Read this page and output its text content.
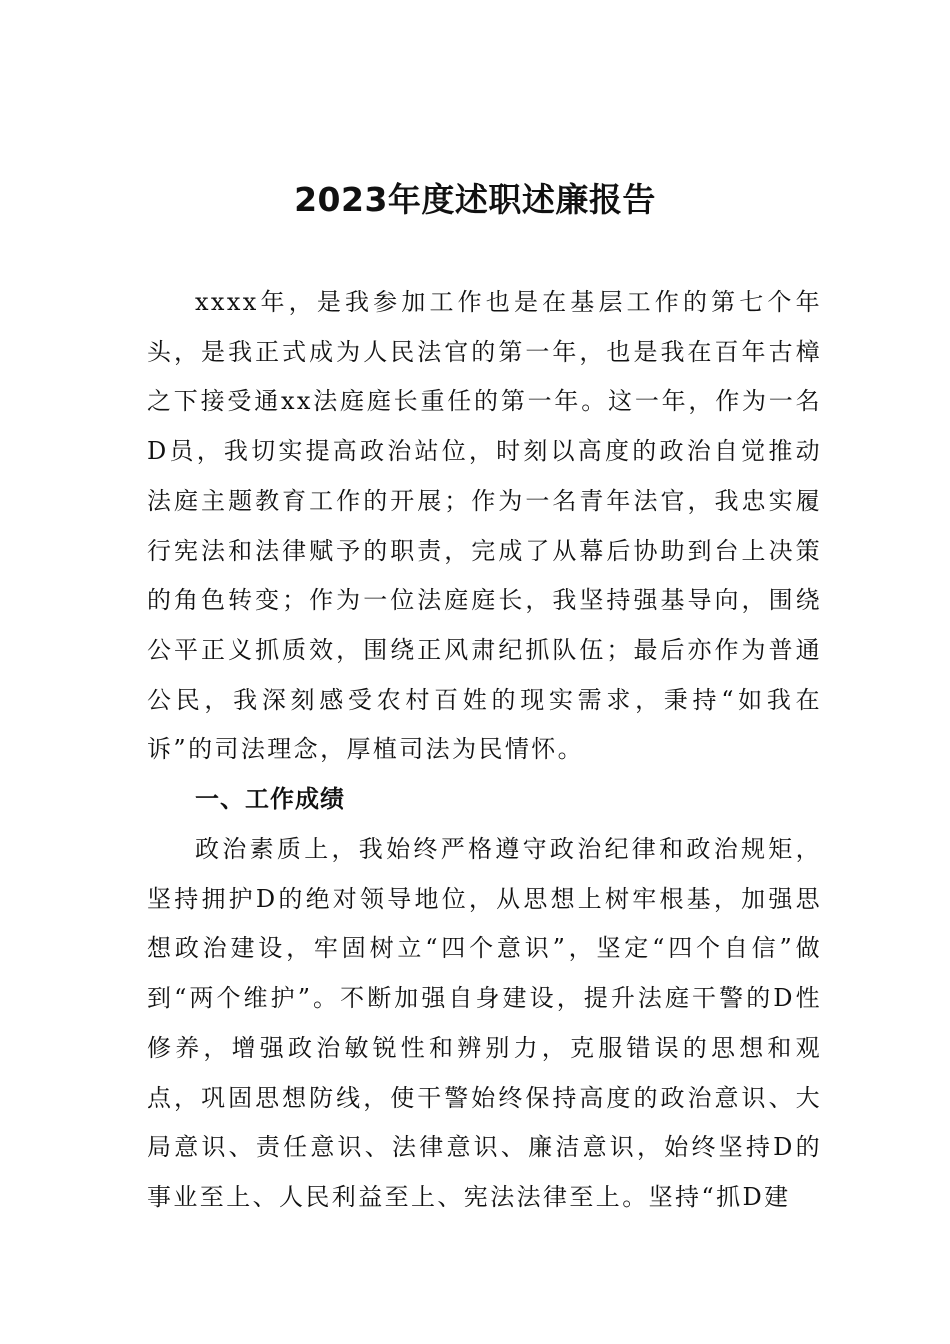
2023年度述职述廉报告

xxxx年，是我参加工作也是在基层工作的第七个年头，是我正式成为人民法官的第一年，也是我在百年古樟之下接受通xx法庭庭长重任的第一年。这一年，作为一名D员，我切实提高政治站位，时刻以高度的政治自觉推动法庭主题教育工作的开展；作为一名青年法官，我忠实履行宪法和法律赋予的职责，完成了从幕后协助到台上决策的角色转变；作为一位法庭庭长，我坚持强基导向，围绕公平正义抓质效，围绕正风肃纪抓队伍；最后亦作为普通公民，我深刻感受农村百姓的现实需求，秉持“如我在诉”的司法理念，厚植司法为民情怀。

一、工作成绩

政治素质上，我始终严格遵守政治纪律和政治规矩，坚持拥护D的绝对领导地位，从思想上树牢根基，加强思想政治建设，牢固树立“四个意识”，坚定“四个自信”做到“两个维护”。不断加强自身建设，提升法庭干警的D性修养，增强政治敏锐性和辨别力，克服错误的思想和观点，巩固思想防线，使干警始终保持高度的政治意识、大局意识、责任意识、法律意识、廉洁意识，始终坚持D的事业至上、人民利益至上、宪法法律至上。坚持“抓D建
